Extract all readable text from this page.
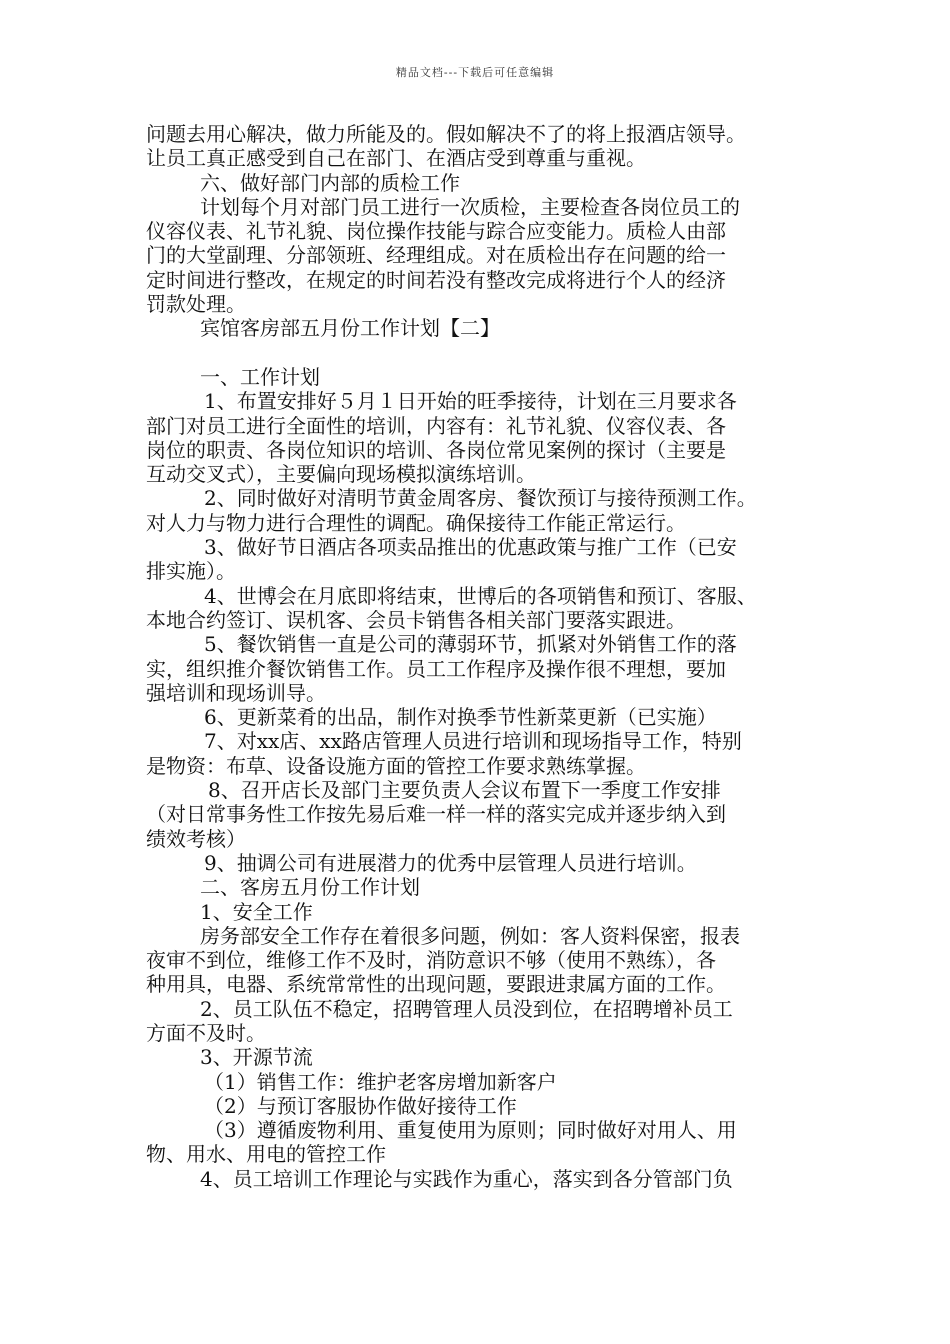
精品文档---下载后可任意编辑
问题去用心解决，做力所能及的。假如解决不了的将上报酒店领导。
让员工真正感受到自己在部门、在酒店受到尊重与重视。
六、做好部门内部的质检工作
计划每个月对部门员工进行一次质检，主要检查各岗位员工的
仪容仪表、礼节礼貌、岗位操作技能与踪合应变能力。质检人由部
门的大堂副理、分部领班、经理组成。对在质检出存在问题的给一
定时间进行整改，在规定的时间若没有整改完成将进行个人的经济
罚款处理。
宾馆客房部五月份工作计划【二】
一、工作计划
1、布置安排好５月１日开始的旺季接待，计划在三月要求各
部门对员工进行全面性的培训，内容有：礼节礼貌、仪容仪表、各
岗位的职责、各岗位知识的培训、各岗位常见案例的探讨（主要是
互动交叉式），主要偏向现场模拟演练培训。
2、同时做好对清明节黄金周客房、餐饮预订与接待预测工作。
对人力与物力进行合理性的调配。确保接待工作能正常运行。
3、做好节日酒店各项卖品推出的优惠政策与推广工作（已安
排实施）。
4、世博会在月底即将结束，世博后的各项销售和预订、客服、
本地合约签订、误机客、会员卡销售各相关部门要落实跟进。
5、餐饮销售一直是公司的薄弱环节，抓紧对外销售工作的落
实，组织推介餐饮销售工作。员工工作程序及操作很不理想，要加
强培训和现场训导。
6、更新菜肴的出品，制作对换季节性新菜更新（已实施）
7、对xx店、xx路店管理人员进行培训和现场指导工作，特别
是物资：布草、设备设施方面的管控工作要求熟练掌握。
8、召开店长及部门主要负责人会议布置下一季度工作安排
（对日常事务性工作按先易后难一样一样的落实完成并逐步纳入到
绩效考核）
9、抽调公司有进展潜力的优秀中层管理人员进行培训。
二、客房五月份工作计划
1、安全工作
房务部安全工作存在着很多问题，例如：客人资料保密，报表
夜审不到位，维修工作不及时，消防意识不够（使用不熟练），各
种用具，电器、系统常常性的出现问题，要跟进隶属方面的工作。
2、员工队伍不稳定，招聘管理人员没到位，在招聘增补员工
方面不及时。
3、开源节流
（1）销售工作：维护老客房增加新客户
（2）与预订客服协作做好接待工作
（3）遵循废物利用、重复使用为原则；同时做好对用人、用
物、用水、用电的管控工作
4、员工培训工作理论与实践作为重心，落实到各分管部门负
